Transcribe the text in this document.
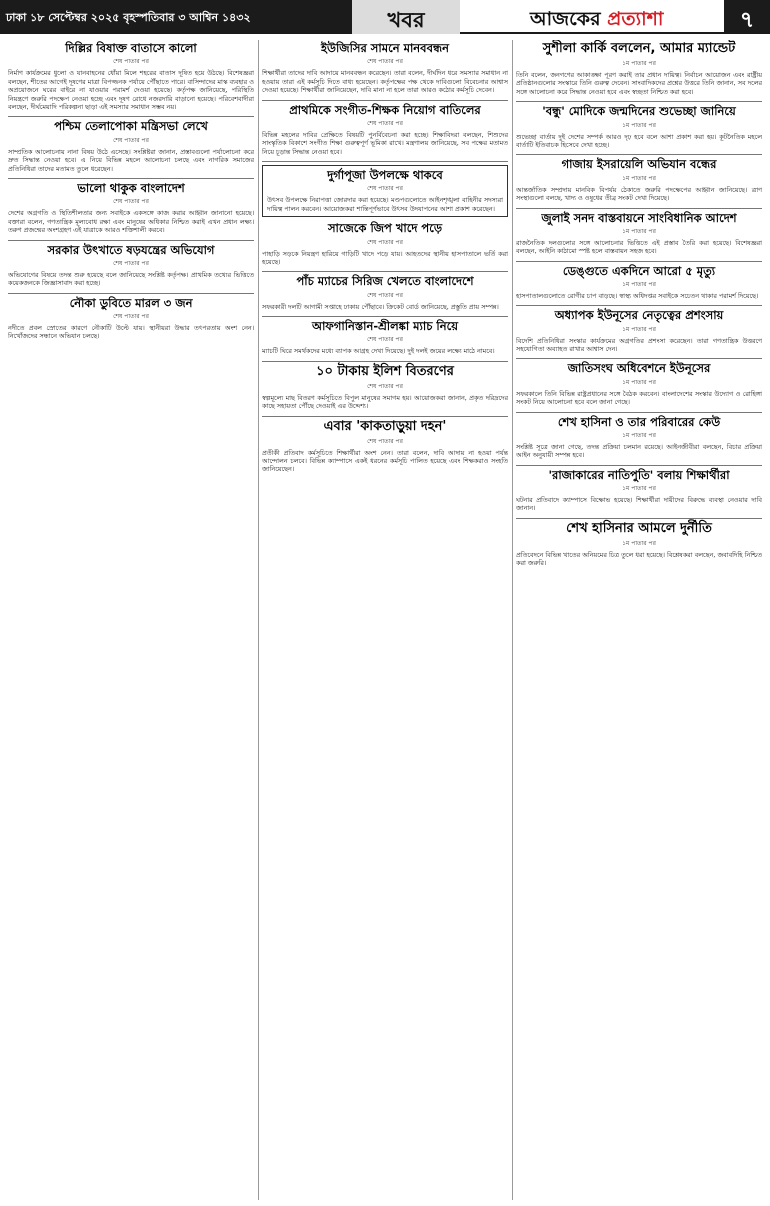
ঢাকা ১৮ সেপ্টেম্বর ২০২৫ বৃহস্পতিবার ৩ আশ্বিন ১৪৩২	খবর	আজকের প্রত্যাশা	৭
দিল্লির বিষাক্ত বাতাসে কালো
শেষ পাতার পর
নির্মাণ কার্যক্রমের ধুলো ও যানবাহনের ধোঁয়া মিলে শহরের বাতাস দূষিত হয়ে উঠছে। বিশেষজ্ঞরা বলছেন, শীতের আগেই দূষণের মাত্রা বিপজ্জনক পর্যায়ে পৌঁছাতে পারে। বাসিন্দাদের মাস্ক ব্যবহার ও অপ্রয়োজনে ঘরের বাইরে না যাওয়ার পরামর্শ দেওয়া হয়েছে। কর্তৃপক্ষ জানিয়েছে, পরিস্থিতি নিয়ন্ত্রণে জরুরি পদক্ষেপ নেওয়া হচ্ছে এবং দূষণ রোধে নজরদারি বাড়ানো হয়েছে। পরিবেশবাদীরা বলছেন, দীর্ঘমেয়াদি পরিকল্পনা ছাড়া এই সমস্যার সমাধান সম্ভব নয়।
পশ্চিম তেলাপোকা মন্ত্রিসভা লেখে
শেষ পাতার পর
সাম্প্রতিক আলোচনায় নানা বিষয় উঠে এসেছে। সংশ্লিষ্টরা জানান, প্রস্তাবগুলো পর্যালোচনা করে দ্রুত সিদ্ধান্ত নেওয়া হবে। এ নিয়ে বিভিন্ন মহলে আলোচনা চলছে এবং নাগরিক সমাজের প্রতিনিধিরা তাদের মতামত তুলে ধরেছেন।
ভালো থাকুক বাংলাদেশ
শেষ পাতার পর
দেশের অগ্রগতি ও স্থিতিশীলতার জন্য সবাইকে একসঙ্গে কাজ করার আহ্বান জানানো হয়েছে। বক্তারা বলেন, গণতান্ত্রিক মূল্যবোধ রক্ষা এবং মানুষের অধিকার নিশ্চিত করাই এখন প্রধান লক্ষ্য। তরুণ প্রজন্মের অংশগ্রহণ এই যাত্রাকে আরও শক্তিশালী করবে।
সরকার উৎখাতে ষড়যন্ত্রের অভিযোগ
শেষ পাতার পর
অভিযোগের বিষয়ে তদন্ত শুরু হয়েছে বলে জানিয়েছে সংশ্লিষ্ট কর্তৃপক্ষ। প্রাথমিক তথ্যের ভিত্তিতে কয়েকজনকে জিজ্ঞাসাবাদ করা হচ্ছে।
নৌকা ডুবিতে মারল ৩ জন
শেষ পাতার পর
নদীতে প্রবল স্রোতের কারণে নৌকাটি উল্টে যায়। স্থানীয়রা উদ্ধার তৎপরতায় অংশ নেন। নিখোঁজদের সন্ধানে অভিযান চলছে।
ইউজিসির সামনে মানববন্ধন
শেষ পাতার পর
শিক্ষার্থীরা তাদের দাবি আদায়ে মানববন্ধন করেছেন। তারা বলেন, দীর্ঘদিন ধরে সমস্যার সমাধান না হওয়ায় তারা এই কর্মসূচি দিতে বাধ্য হয়েছেন। কর্তৃপক্ষের পক্ষ থেকে দাবিগুলো বিবেচনার আশ্বাস দেওয়া হয়েছে। শিক্ষার্থীরা জানিয়েছেন, দাবি মানা না হলে তারা আরও কঠোর কর্মসূচি দেবেন।
প্রাথমিকে সংগীত-শিক্ষক নিয়োগ বাতিলের
শেষ পাতার পর
বিভিন্ন মহলের দাবির প্রেক্ষিতে বিষয়টি পুনর্বিবেচনা করা হচ্ছে। শিক্ষাবিদরা বলছেন, শিশুদের সাংস্কৃতিক বিকাশে সংগীত শিক্ষা গুরুত্বপূর্ণ ভূমিকা রাখে। মন্ত্রণালয় জানিয়েছে, সব পক্ষের মতামত নিয়ে চূড়ান্ত সিদ্ধান্ত নেওয়া হবে।
দুর্গাপূজা উপলক্ষে থাকবে
শেষ পাতার পর
উৎসব উপলক্ষে নিরাপত্তা জোরদার করা হয়েছে। মণ্ডপগুলোতে আইনশৃঙ্খলা বাহিনীর সদস্যরা দায়িত্ব পালন করবেন। আয়োজকরা শান্তিপূর্ণভাবে উৎসব উদযাপনের আশা প্রকাশ করেছেন।
সাজেকে জিপ খাদে পড়ে
শেষ পাতার পর
পাহাড়ি সড়কে নিয়ন্ত্রণ হারিয়ে গাড়িটি খাদে পড়ে যায়। আহতদের স্থানীয় হাসপাতালে ভর্তি করা হয়েছে।
পাঁচ ম্যাচের সিরিজ খেলতে বাংলাদেশে
শেষ পাতার পর
সফরকারী দলটি আগামী সপ্তাহে ঢাকায় পৌঁছাবে। ক্রিকেট বোর্ড জানিয়েছে, প্রস্তুতি প্রায় সম্পন্ন।
আফগানিস্তান-শ্রীলঙ্কা ম্যাচ নিয়ে
শেষ পাতার পর
ম্যাচটি ঘিরে সমর্থকদের মধ্যে ব্যাপক আগ্রহ দেখা দিয়েছে। দুই দলই জয়ের লক্ষ্যে মাঠে নামবে।
১০ টাকায় ইলিশ বিতরণের
শেষ পাতার পর
স্বল্পমূল্যে মাছ বিতরণ কর্মসূচিতে বিপুল মানুষের সমাগম হয়। আয়োজকরা জানান, প্রকৃত দরিদ্রদের কাছে সহায়তা পৌঁছে দেওয়াই এর উদ্দেশ্য।
এবার 'কাকতাড়ুয়া দহন'
শেষ পাতার পর
প্রতীকী প্রতিবাদ কর্মসূচিতে শিক্ষার্থীরা অংশ নেন। তারা বলেন, দাবি আদায় না হওয়া পর্যন্ত আন্দোলন চলবে। বিভিন্ন ক্যাম্পাসে একই ধরনের কর্মসূচি পালিত হয়েছে এবং শিক্ষকরাও সংহতি জানিয়েছেন।
সুশীলা কার্কি বললেন, আমার ম্যান্ডেট
১ম পাতার পর
তিনি বলেন, জনগণের আকাঙ্ক্ষা পূরণ করাই তার প্রধান দায়িত্ব। নির্বাচন আয়োজন এবং রাষ্ট্রীয় প্রতিষ্ঠানগুলোর সংস্কারে তিনি গুরুত্ব দেবেন। সাংবাদিকদের প্রশ্নের উত্তরে তিনি জানান, সব দলের সঙ্গে আলোচনা করে সিদ্ধান্ত নেওয়া হবে এবং স্বচ্ছতা নিশ্চিত করা হবে।
'বন্ধু' মোদিকে জন্মদিনের শুভেচ্ছা জানিয়ে
১ম পাতার পর
শুভেচ্ছা বার্তায় দুই দেশের সম্পর্ক আরও দৃঢ় হবে বলে আশা প্রকাশ করা হয়। কূটনৈতিক মহলে বার্তাটি ইতিবাচক হিসেবে দেখা হচ্ছে।
গাজায় ইসরায়েলি অভিযান বন্ধের
১ম পাতার পর
আন্তর্জাতিক সম্প্রদায় মানবিক বিপর্যয় ঠেকাতে জরুরি পদক্ষেপের আহ্বান জানিয়েছে। ত্রাণ সংস্থাগুলো বলছে, খাদ্য ও ওষুধের তীব্র সংকট দেখা দিয়েছে।
জুলাই সনদ বাস্তবায়নে সাংবিধানিক আদেশ
১ম পাতার পর
রাজনৈতিক দলগুলোর সঙ্গে আলোচনার ভিত্তিতে এই প্রস্তাব তৈরি করা হয়েছে। বিশেষজ্ঞরা বলছেন, আইনি কাঠামো স্পষ্ট হলে বাস্তবায়ন সহজ হবে।
ডেঙ্গুতে একদিনে আরো ৫ মৃত্যু
১ম পাতার পর
হাসপাতালগুলোতে রোগীর চাপ বাড়ছে। স্বাস্থ্য অধিদপ্তর সবাইকে সচেতন থাকার পরামর্শ দিয়েছে।
অধ্যাপক ইউনূসের নেতৃত্বের প্রশংসায়
১ম পাতার পর
বিদেশি প্রতিনিধিরা সংস্কার কার্যক্রমের অগ্রগতির প্রশংসা করেছেন। তারা গণতান্ত্রিক উত্তরণে সহযোগিতা অব্যাহত রাখার আশ্বাস দেন।
জাতিসংঘ অধিবেশনে ইউনূসের
১ম পাতার পর
সফরকালে তিনি বিভিন্ন রাষ্ট্রপ্রধানের সঙ্গে বৈঠক করবেন। বাংলাদেশের সংস্কার উদ্যোগ ও রোহিঙ্গা সংকট নিয়ে আলোচনা হবে বলে জানা গেছে।
শেখ হাসিনা ও তার পরিবারের কেউ
১ম পাতার পর
সংশ্লিষ্ট সূত্রে জানা গেছে, তদন্ত প্রক্রিয়া চলমান রয়েছে। আইনজীবীরা বলছেন, বিচার প্রক্রিয়া আইন অনুযায়ী সম্পন্ন হবে।
'রাজাকারের নাতিপুতি' বলায় শিক্ষার্থীরা
১ম পাতার পর
ঘটনার প্রতিবাদে ক্যাম্পাসে বিক্ষোভ হয়েছে। শিক্ষার্থীরা দায়ীদের বিরুদ্ধে ব্যবস্থা নেওয়ার দাবি জানান।
শেখ হাসিনার আমলে দুর্নীতি
১ম পাতার পর
প্রতিবেদনে বিভিন্ন খাতের অনিয়মের চিত্র তুলে ধরা হয়েছে। বিশ্লেষকরা বলছেন, জবাবদিহি নিশ্চিত করা জরুরি।
